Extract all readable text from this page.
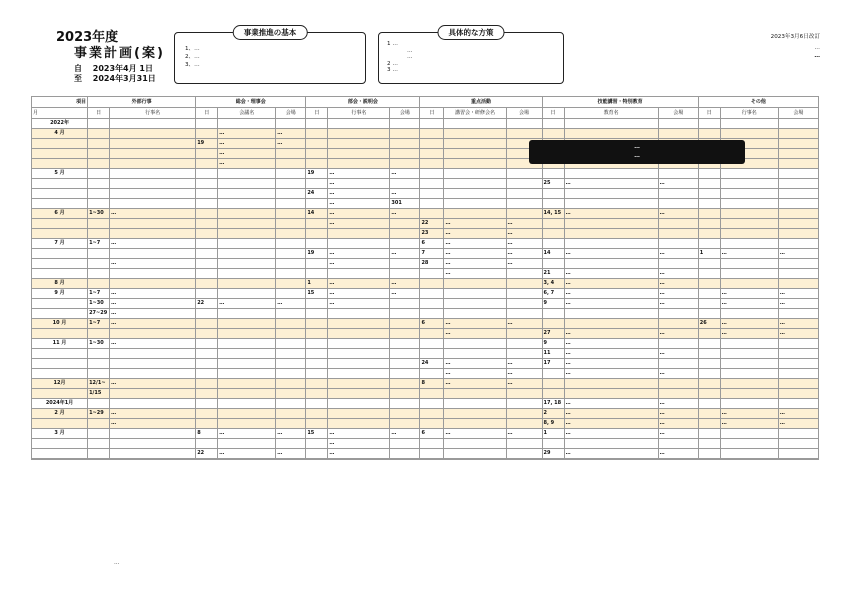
2023年度
事業計画(案)
自 2023年4月 1日
至 2024年3月31日
事業推進の基本
1、…
2、…
3、…
具体的な方策
1 …
…
…
2 …
3 …
2023年3月6日改訂
…
…
項目	外部行事		総会・理事会			部会・説明会			重点活動			技能講習・特別教育			その他		
月	日	行事名	日	会議名	会場	日	行事名	会場	日	講習会・研修会名	会場	日	教育名	会場	日	行事名	会場
2022年																	
4 月				…	…												
			19	…	…												
				…													
				…													
5 月						19	…	…									
							…					25	…	…			
						24	…	…									
							…	301									
6 月	1~30	…				14	…	…				14, 15	…	…			
							…		22	…	…						
									23	…	…						
7 月	1~7	…							6	…	…						
						19	…	…	7	…	…	14	…	…	1	…	…
		…					…		28	…	…						
										…		21	…	…			
8 月						1	…	…				3, 4	…	…			
9 月	1~7	…				15	…	…				6, 7	…	…		…	…
	1~30	…	22	…	…		…					9	…	…		…	…
	27~29	…															
10 月	1~7	…							6	…	…				26	…	…
										…		27	…	…		…	…
11 月	1~30	…										9	…				
												11	…	…			
									24	…	…	17	…				
										…	…		…	…			
12月	12/1~	…							8	…	…						
	1/15																
2024年1月												17, 18	…	…			
2 月	1~29	…										2	…	…		…	…
		…										8, 9	…	…		…	…
3 月			8	…	…	15	…	…	6	…	…	1	…	…			
							…										
			22	…	…		…					29	…	…			

…
…
…
